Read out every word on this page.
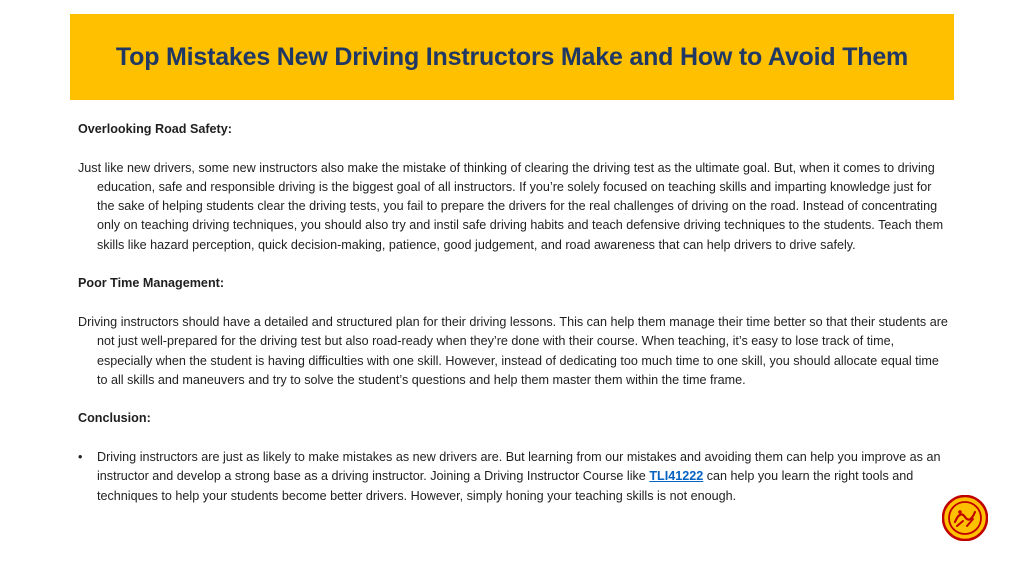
Top Mistakes New Driving Instructors Make and How to Avoid Them

Overlooking Road Safety:

Just like new drivers, some new instructors also make the mistake of thinking of clearing the driving test as the ultimate goal. But, when it comes to driving education, safe and responsible driving is the biggest goal of all instructors. If you’re solely focused on teaching skills and imparting knowledge just for the sake of helping students clear the driving tests, you fail to prepare the drivers for the real challenges of driving on the road. Instead of concentrating only on teaching driving techniques, you should also try and instil safe driving habits and teach defensive driving techniques to the students. Teach them skills like hazard perception, quick decision-making, patience, good judgement, and road awareness that can help drivers to drive safely.

Poor Time Management:

Driving instructors should have a detailed and structured plan for their driving lessons. This can help them manage their time better so that their students are not just well-prepared for the driving test but also road-ready when they’re done with their course. When teaching, it’s easy to lose track of time, especially when the student is having difficulties with one skill. However, instead of dedicating too much time to one skill, you should allocate equal time to all skills and maneuvers and try to solve the student’s questions and help them master them within the time frame.

Conclusion:

•	Driving instructors are just as likely to make mistakes as new drivers are. But learning from our mistakes and avoiding them can help you improve as an instructor and develop a strong base as a driving instructor. Joining a Driving Instructor Course like TLI41222 can help you learn the right tools and techniques to help your students become better drivers. However, simply honing your teaching skills is not enough.
